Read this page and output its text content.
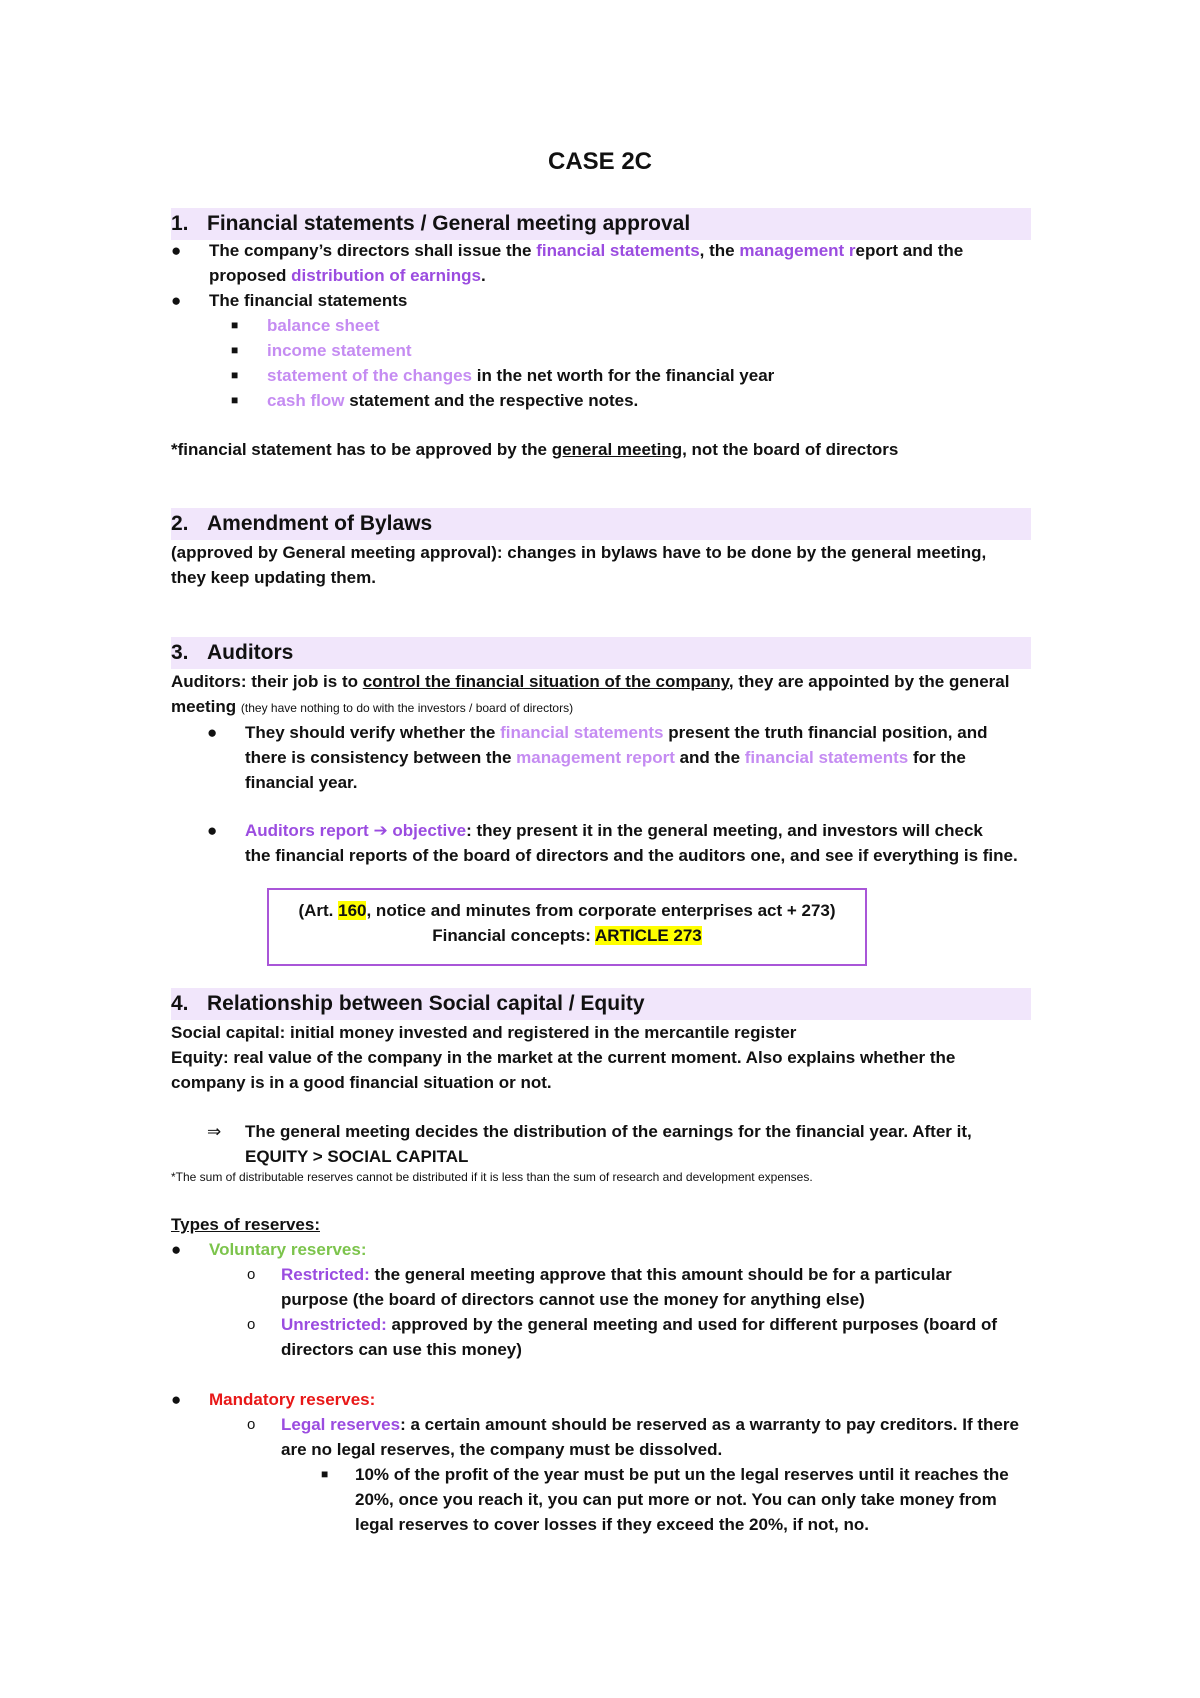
CASE 2C
1. Financial statements / General meeting approval
● The company’s directors shall issue the financial statements, the management report and the
proposed distribution of earnings.
● The financial statements
■ balance sheet
■ income statement
■ statement of the changes in the net worth for the financial year
■ cash flow statement and the respective notes.
*financial statement has to be approved by the general meeting, not the board of directors
2. Amendment of Bylaws
(approved by General meeting approval): changes in bylaws have to be done by the general meeting,
they keep updating them.
3. Auditors
Auditors: their job is to control the financial situation of the company, they are appointed by the general
meeting (they have nothing to do with the investors / board of directors)
● They should verify whether the financial statements present the truth financial position, and
there is consistency between the management report and the financial statements for the
financial year.
● Auditors report ➔ objective: they present it in the general meeting, and investors will check
the financial reports of the board of directors and the auditors one, and see if everything is fine.
(Art. 160, notice and minutes from corporate enterprises act + 273)
Financial concepts: ARTICLE 273
4. Relationship between Social capital / Equity
Social capital: initial money invested and registered in the mercantile register
Equity: real value of the company in the market at the current moment. Also explains whether the
company is in a good financial situation or not.
⇒ The general meeting decides the distribution of the earnings for the financial year. After it,
EQUITY > SOCIAL CAPITAL
*The sum of distributable reserves cannot be distributed if it is less than the sum of research and development expenses.
Types of reserves:
● Voluntary reserves:
o Restricted: the general meeting approve that this amount should be for a particular
purpose (the board of directors cannot use the money for anything else)
o Unrestricted: approved by the general meeting and used for different purposes (board of
directors can use this money)
● Mandatory reserves:
o Legal reserves: a certain amount should be reserved as a warranty to pay creditors. If there
are no legal reserves, the company must be dissolved.
■ 10% of the profit of the year must be put un the legal reserves until it reaches the
20%, once you reach it, you can put more or not. You can only take money from
legal reserves to cover losses if they exceed the 20%, if not, no.
